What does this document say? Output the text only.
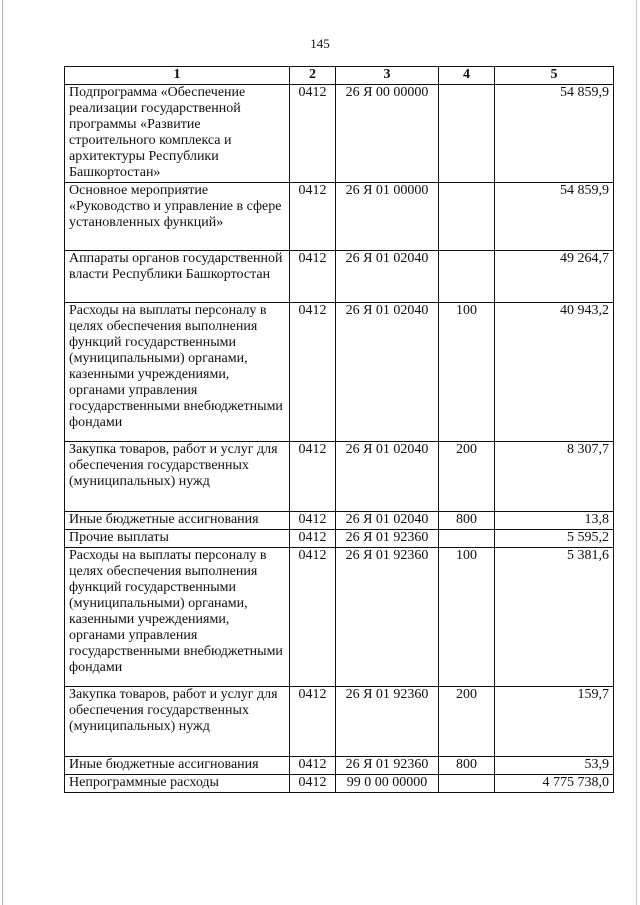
145
1	2	3	4	5
Подпрограмма «Обеспечение реализации государственной программы «Развитие строительного комплекса и архитектуры Республики Башкортостан»	0412	26 Я 00 00000		54 859,9
Основное мероприятие «Руководство и управление в сфере установленных функций»	0412	26 Я 01 00000		54 859,9
Аппараты органов государственной власти Республики Башкортостан	0412	26 Я 01 02040		49 264,7
Расходы на выплаты персоналу в целях обеспечения выполнения функций государственными (муниципальными) органами, казенными учреждениями, органами управления государственными внебюджетными фондами	0412	26 Я 01 02040	100	40 943,2
Закупка товаров, работ и услуг для обеспечения государственных (муниципальных) нужд	0412	26 Я 01 02040	200	8 307,7
Иные бюджетные ассигнования	0412	26 Я 01 02040	800	13,8
Прочие выплаты	0412	26 Я 01 92360		5 595,2
Расходы на выплаты персоналу в целях обеспечения выполнения функций государственными (муниципальными) органами, казенными учреждениями, органами управления государственными внебюджетными фондами	0412	26 Я 01 92360	100	5 381,6
Закупка товаров, работ и услуг для обеспечения государственных (муниципальных) нужд	0412	26 Я 01 92360	200	159,7
Иные бюджетные ассигнования	0412	26 Я 01 92360	800	53,9
Непрограммные расходы	0412	99 0 00 00000		4 775 738,0
